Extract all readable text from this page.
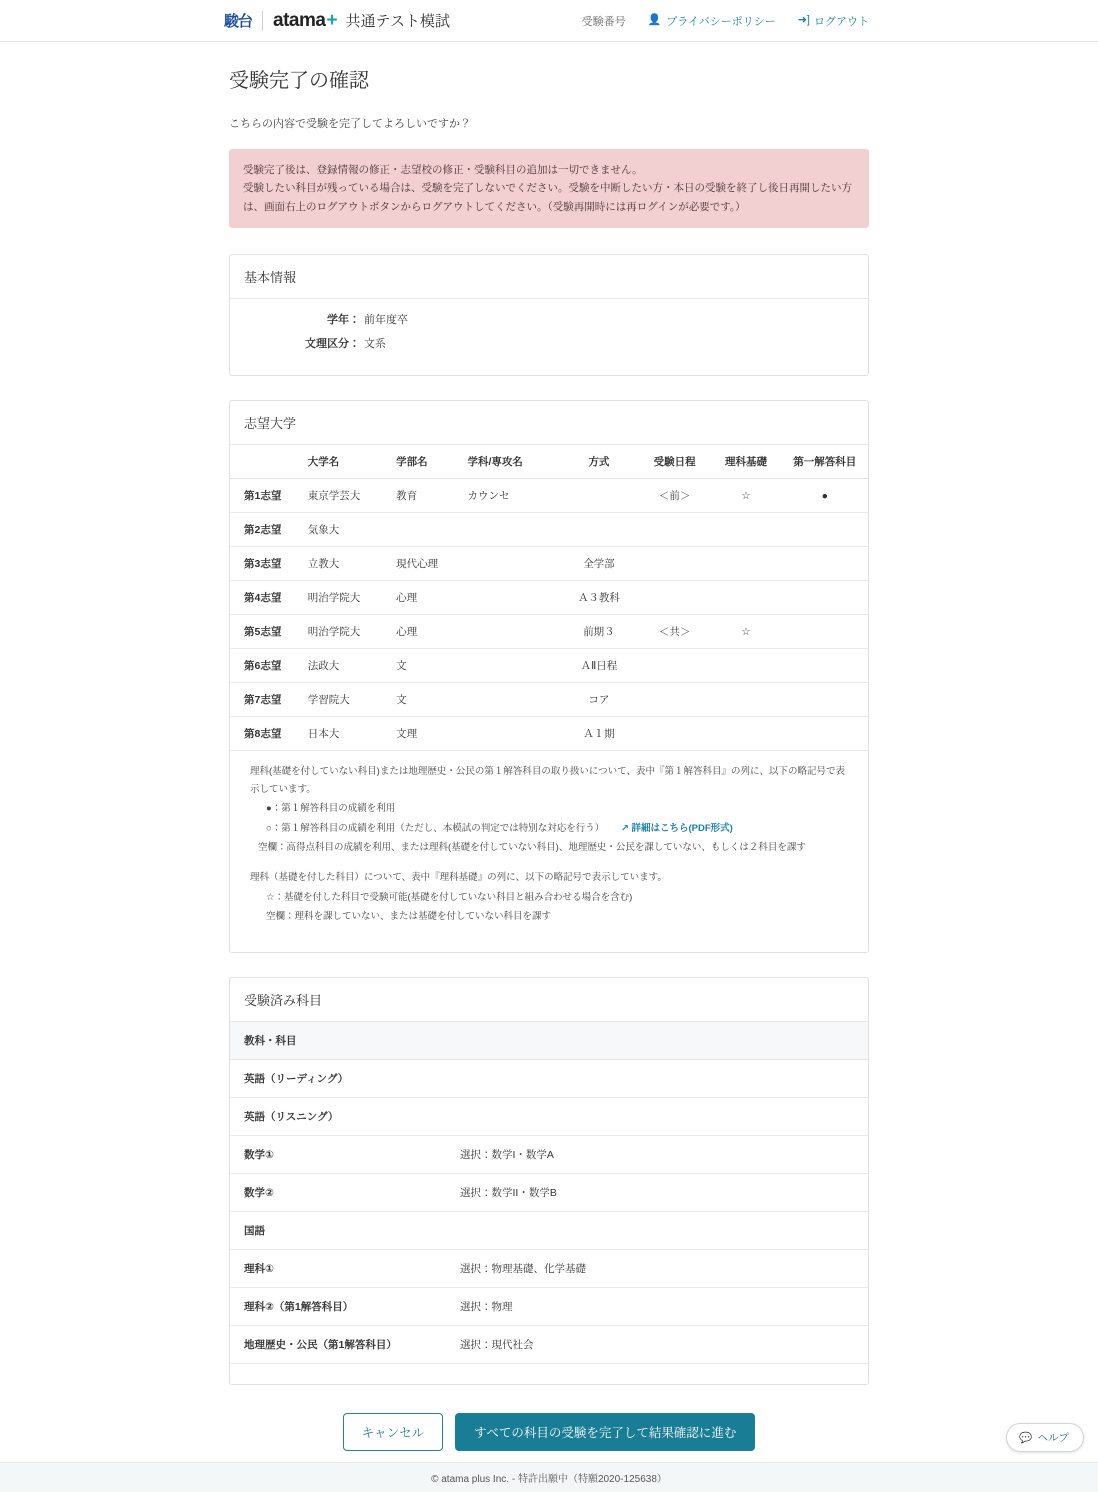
駿台 atama + 共通テスト模試	受験番号 👤  プライバシーポリシー ➜] ログアウト
受験完了の確認

こちらの内容で受験を完了してよろしいですか？

受験完了後は、登録情報の修正・志望校の修正・受験科目の追加は一切できません。
受験したい科目が残っている場合は、受験を完了しないでください。受験を中断したい方・本日の受験を終了し後日再開したい方は、画面右上のログアウトボタンからログアウトしてください。（受験再開時には再ログインが必要です。）
基本情報
学年： 前年度卒
文理区分： 文系
志望大学
	大学名	学部名	学科/専攻名	方式	受験日程	理科基礎	第一解答科目
第1志望	東京学芸大	教育	カウンセ		＜前＞	☆	●
第2志望	気象大						
第3志望	立教大	現代心理		全学部			
第4志望	明治学院大	心理		Ａ３教科			
第5志望	明治学院大	心理		前期３	＜共＞	☆	
第6志望	法政大	文		ＡⅡ日程			
第7志望	学習院大	文		コア			
第8志望	日本大	文理		Ａ１期			

理科(基礎を付していない科目)または地理歴史・公民の第１解答科目の取り扱いについて、表中『第１解答科目』の列に、以下の略記号で表示しています。

●：第１解答科目の成績を利用

○：第１解答科目の成績を利用（ただし、本模試の判定では特別な対応を行う） ↗︎ 詳細はこちら(PDF形式)

空欄：高得点科目の成績を利用、または理科(基礎を付していない科目)、地理歴史・公民を課していない、もしくは２科目を課す

理科（基礎を付した科目）について、表中『理科基礎』の列に、以下の略記号で表示しています。

☆：基礎を付した科目で受験可能(基礎を付していない科目と組み合わせる場合を含む)

空欄：理科を課していない、または基礎を付していない科目を課す

受験済み科目
教科・科目	
英語（リーディング）	
英語（リスニング）	
数学①	選択：数学I・数学A
数学②	選択：数学II・数学B
国語	
理科①	選択：物理基礎、化学基礎
理科②（第1解答科目）	選択：物理
地理歴史・公民（第1解答科目）	選択：現代社会
キャンセル	すべての科目の受験を完了して結果確認に進む	💬 ヘルプ
© atama plus Inc. - 特許出願中（特願2020-125638）
